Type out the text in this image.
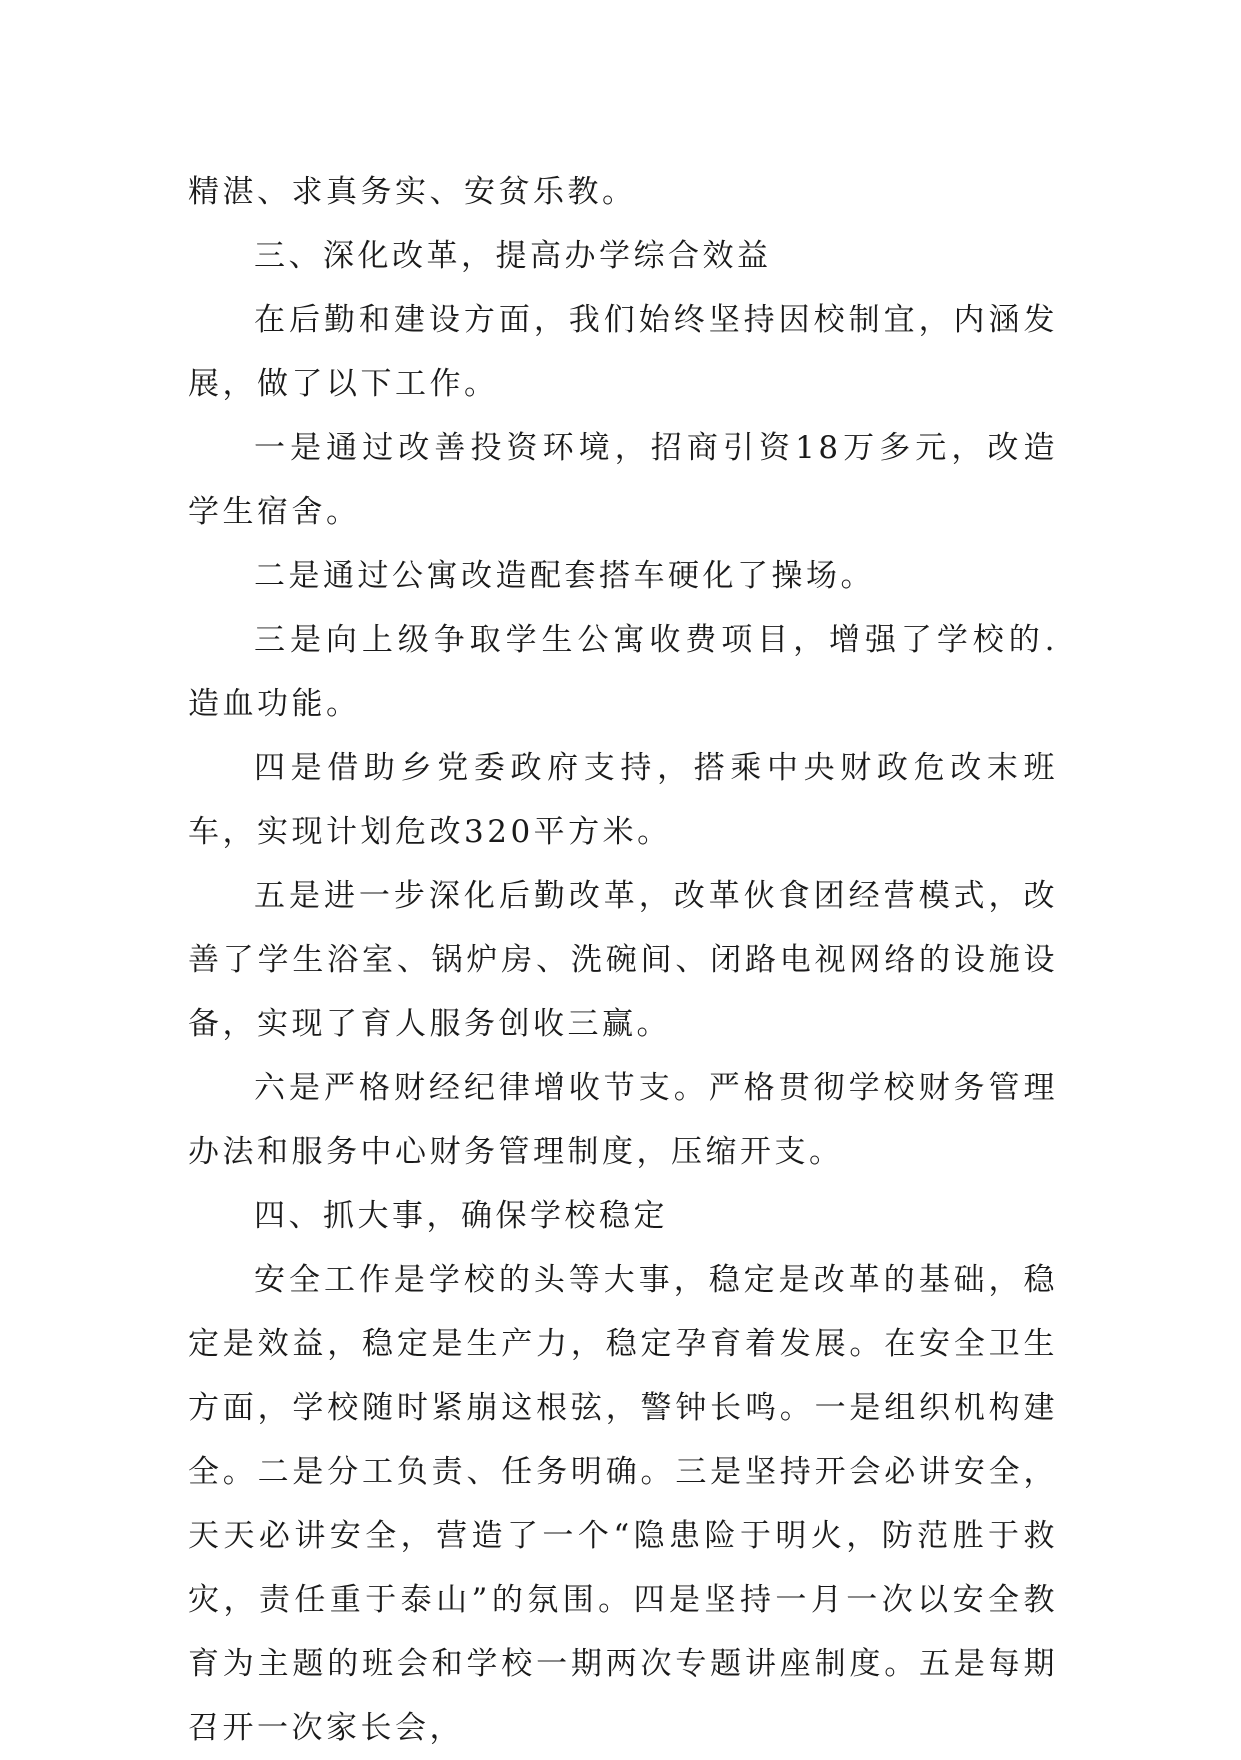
精湛、求真务实、安贫乐教。

三、深化改革，提高办学综合效益

在后勤和建设方面，我们始终坚持因校制宜，内涵发展，做了以下工作。

一是通过改善投资环境，招商引资18万多元，改造学生宿舍。

二是通过公寓改造配套搭车硬化了操场。

三是向上级争取学生公寓收费项目，增强了学校的.造血功能。

四是借助乡党委政府支持，搭乘中央财政危改末班车，实现计划危改320平方米。

五是进一步深化后勤改革，改革伙食团经营模式，改善了学生浴室、锅炉房、洗碗间、闭路电视网络的设施设备，实现了育人服务创收三赢。

六是严格财经纪律增收节支。严格贯彻学校财务管理办法和服务中心财务管理制度，压缩开支。

四、抓大事，确保学校稳定

安全工作是学校的头等大事，稳定是改革的基础，稳定是效益，稳定是生产力，稳定孕育着发展。在安全卫生方面，学校随时紧崩这根弦，警钟长鸣。一是组织机构建全。二是分工负责、任务明确。三是坚持开会必讲安全，天天必讲安全，营造了一个“隐患险于明火，防范胜于救灾，责任重于泰山”的氛围。四是坚持一月一次以安全教育为主题的班会和学校一期两次专题讲座制度。五是每期召开一次家长会，
